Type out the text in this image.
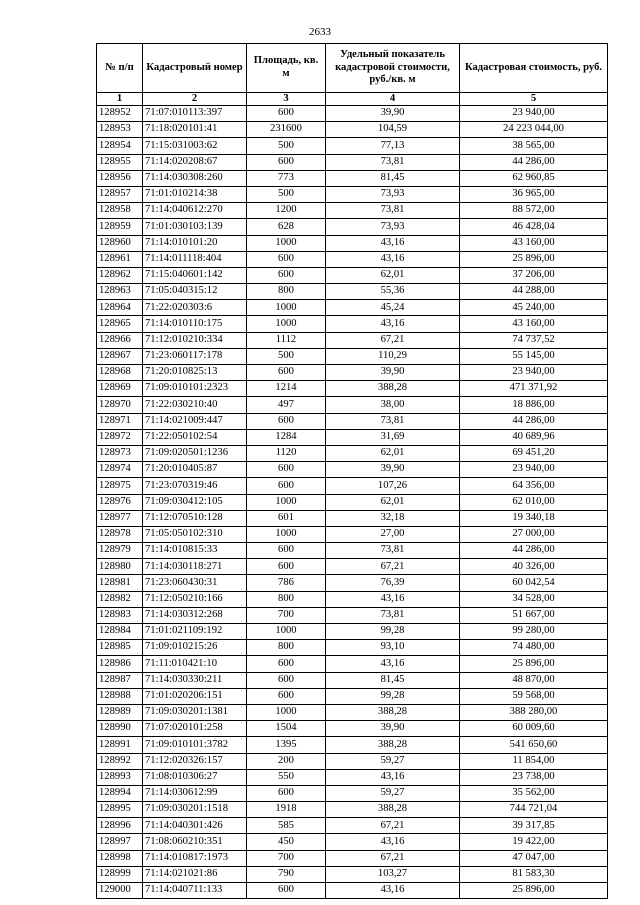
2633
№ п/п	Кадастровый номер	Площадь, кв. м	Удельный показатель кадастровой стоимости, руб./кв. м	Кадастровая стоимость, руб.
1	2	3	4	5
128952	71:07:010113:397	600	39,90	23 940,00
128953	71:18:020101:41	231600	104,59	24 223 044,00
128954	71:15:031003:62	500	77,13	38 565,00
128955	71:14:020208:67	600	73,81	44 286,00
128956	71:14:030308:260	773	81,45	62 960,85
128957	71:01:010214:38	500	73,93	36 965,00
128958	71:14:040612:270	1200	73,81	88 572,00
128959	71:01:030103:139	628	73,93	46 428,04
128960	71:14:010101:20	1000	43,16	43 160,00
128961	71:14:011118:404	600	43,16	25 896,00
128962	71:15:040601:142	600	62,01	37 206,00
128963	71:05:040315:12	800	55,36	44 288,00
128964	71:22:020303:6	1000	45,24	45 240,00
128965	71:14:010110:175	1000	43,16	43 160,00
128966	71:12:010210:334	1112	67,21	74 737,52
128967	71:23:060117:178	500	110,29	55 145,00
128968	71:20:010825:13	600	39,90	23 940,00
128969	71:09:010101:2323	1214	388,28	471 371,92
128970	71:22:030210:40	497	38,00	18 886,00
128971	71:14:021009:447	600	73,81	44 286,00
128972	71:22:050102:54	1284	31,69	40 689,96
128973	71:09:020501:1236	1120	62,01	69 451,20
128974	71:20:010405:87	600	39,90	23 940,00
128975	71:23:070319:46	600	107,26	64 356,00
128976	71:09:030412:105	1000	62,01	62 010,00
128977	71:12:070510:128	601	32,18	19 340,18
128978	71:05:050102:310	1000	27,00	27 000,00
128979	71:14:010815:33	600	73,81	44 286,00
128980	71:14:030118:271	600	67,21	40 326,00
128981	71:23:060430:31	786	76,39	60 042,54
128982	71:12:050210:166	800	43,16	34 528,00
128983	71:14:030312:268	700	73,81	51 667,00
128984	71:01:021109:192	1000	99,28	99 280,00
128985	71:09:010215:26	800	93,10	74 480,00
128986	71:11:010421:10	600	43,16	25 896,00
128987	71:14:030330:211	600	81,45	48 870,00
128988	71:01:020206:151	600	99,28	59 568,00
128989	71:09:030201:1381	1000	388,28	388 280,00
128990	71:07:020101:258	1504	39,90	60 009,60
128991	71:09:010101:3782	1395	388,28	541 650,60
128992	71:12:020326:157	200	59,27	11 854,00
128993	71:08:010306:27	550	43,16	23 738,00
128994	71:14:030612:99	600	59,27	35 562,00
128995	71:09:030201:1518	1918	388,28	744 721,04
128996	71:14:040301:426	585	67,21	39 317,85
128997	71:08:060210:351	450	43,16	19 422,00
128998	71:14:010817:1973	700	67,21	47 047,00
128999	71:14:021021:86	790	103,27	81 583,30
129000	71:14:040711:133	600	43,16	25 896,00
